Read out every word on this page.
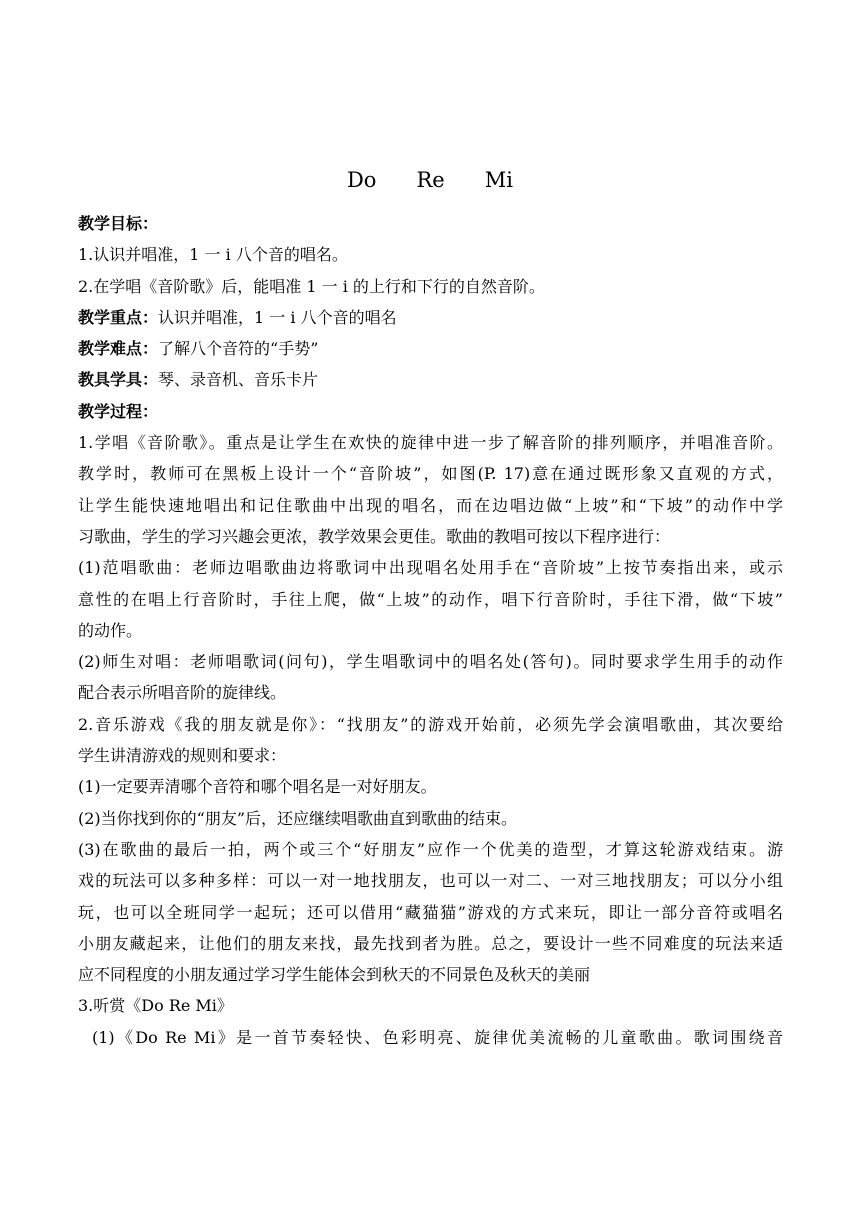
Do      Re      Mi
教学目标：
1.认识并唱准，1 一 i 八个音的唱名。
2.在学唱《音阶歌》后，能唱准 1 一 i 的上行和下行的自然音阶。
教学重点：认识并唱准，1 一 i 八个音的唱名
教学难点：了解八个音符的“手势”
教具学具：琴、录音机、音乐卡片
教学过程：
1.学唱《音阶歌》。重点是让学生在欢快的旋律中进一步了解音阶的排列顺序，并唱准音阶。
教学时，教师可在黑板上设计一个“音阶坡”，如图(P. 17)意在通过既形象又直观的方式，
让学生能快速地唱出和记住歌曲中出现的唱名，而在边唱边做“上坡”和“下坡”的动作中学
习歌曲，学生的学习兴趣会更浓，教学效果会更佳。歌曲的教唱可按以下程序进行：
(1)范唱歌曲：老师边唱歌曲边将歌词中出现唱名处用手在“音阶坡”上按节奏指出来，或示
意性的在唱上行音阶时，手往上爬，做“上坡”的动作，唱下行音阶时，手往下滑，做“下坡”
的动作。
(2)师生对唱：老师唱歌词(问句)，学生唱歌词中的唱名处(答句)。同时要求学生用手的动作
配合表示所唱音阶的旋律线。
2.音乐游戏《我的朋友就是你》：“找朋友”的游戏开始前，必须先学会演唱歌曲，其次要给
学生讲清游戏的规则和要求：
(1)一定要弄清哪个音符和哪个唱名是一对好朋友。
(2)当你找到你的“朋友”后，还应继续唱歌曲直到歌曲的结束。
(3)在歌曲的最后一拍，两个或三个“好朋友”应作一个优美的造型，才算这轮游戏结束。游
戏的玩法可以多种多样：可以一对一地找朋友，也可以一对二、一对三地找朋友；可以分小组
玩，也可以全班同学一起玩；还可以借用“藏猫猫”游戏的方式来玩，即让一部分音符或唱名
小朋友藏起来，让他们的朋友来找，最先找到者为胜。总之，要设计一些不同难度的玩法来适
应不同程度的小朋友通过学习学生能体会到秋天的不同景色及秋天的美丽
3.听赏《Do Re Mi》
(1)《Do Re Mi》是一首节奏轻快、色彩明亮、旋律优美流畅的儿童歌曲。歌词围绕音
